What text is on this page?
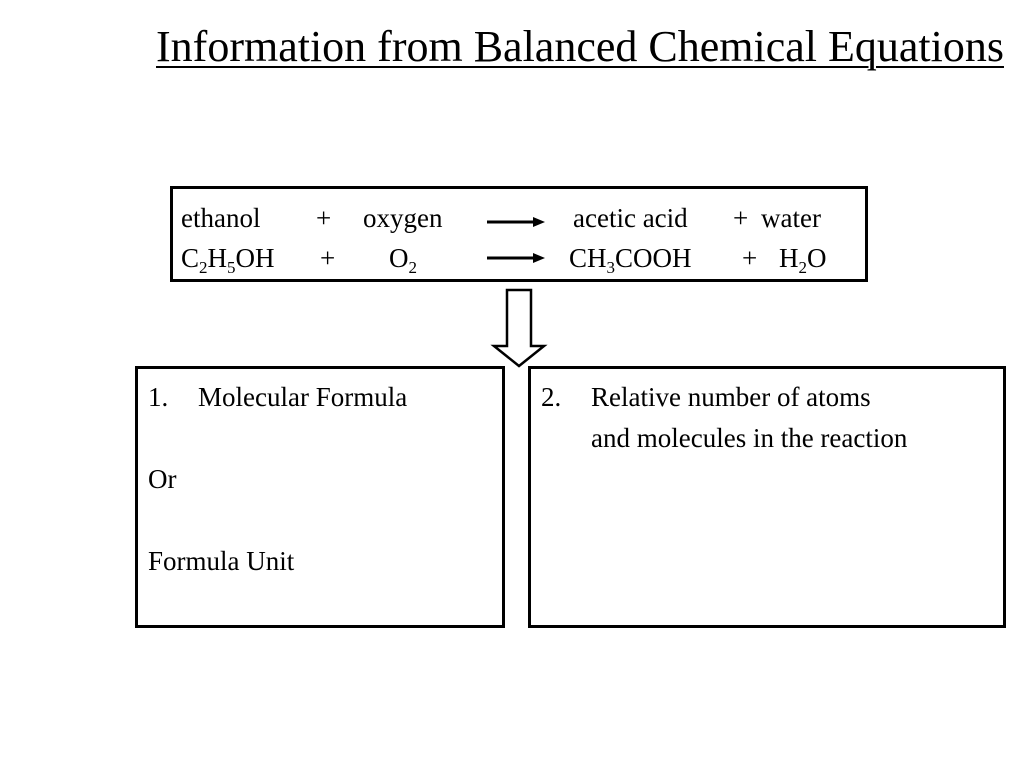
Information from Balanced Chemical Equations
ethanol + oxygen	acetic acid + water
$C_2H_5OH + O_2$	$CH_3COOH + H_2O$
1.	Molecular Formula
Or
Formula Unit
2.	Relative number of atoms
and molecules in the reaction
